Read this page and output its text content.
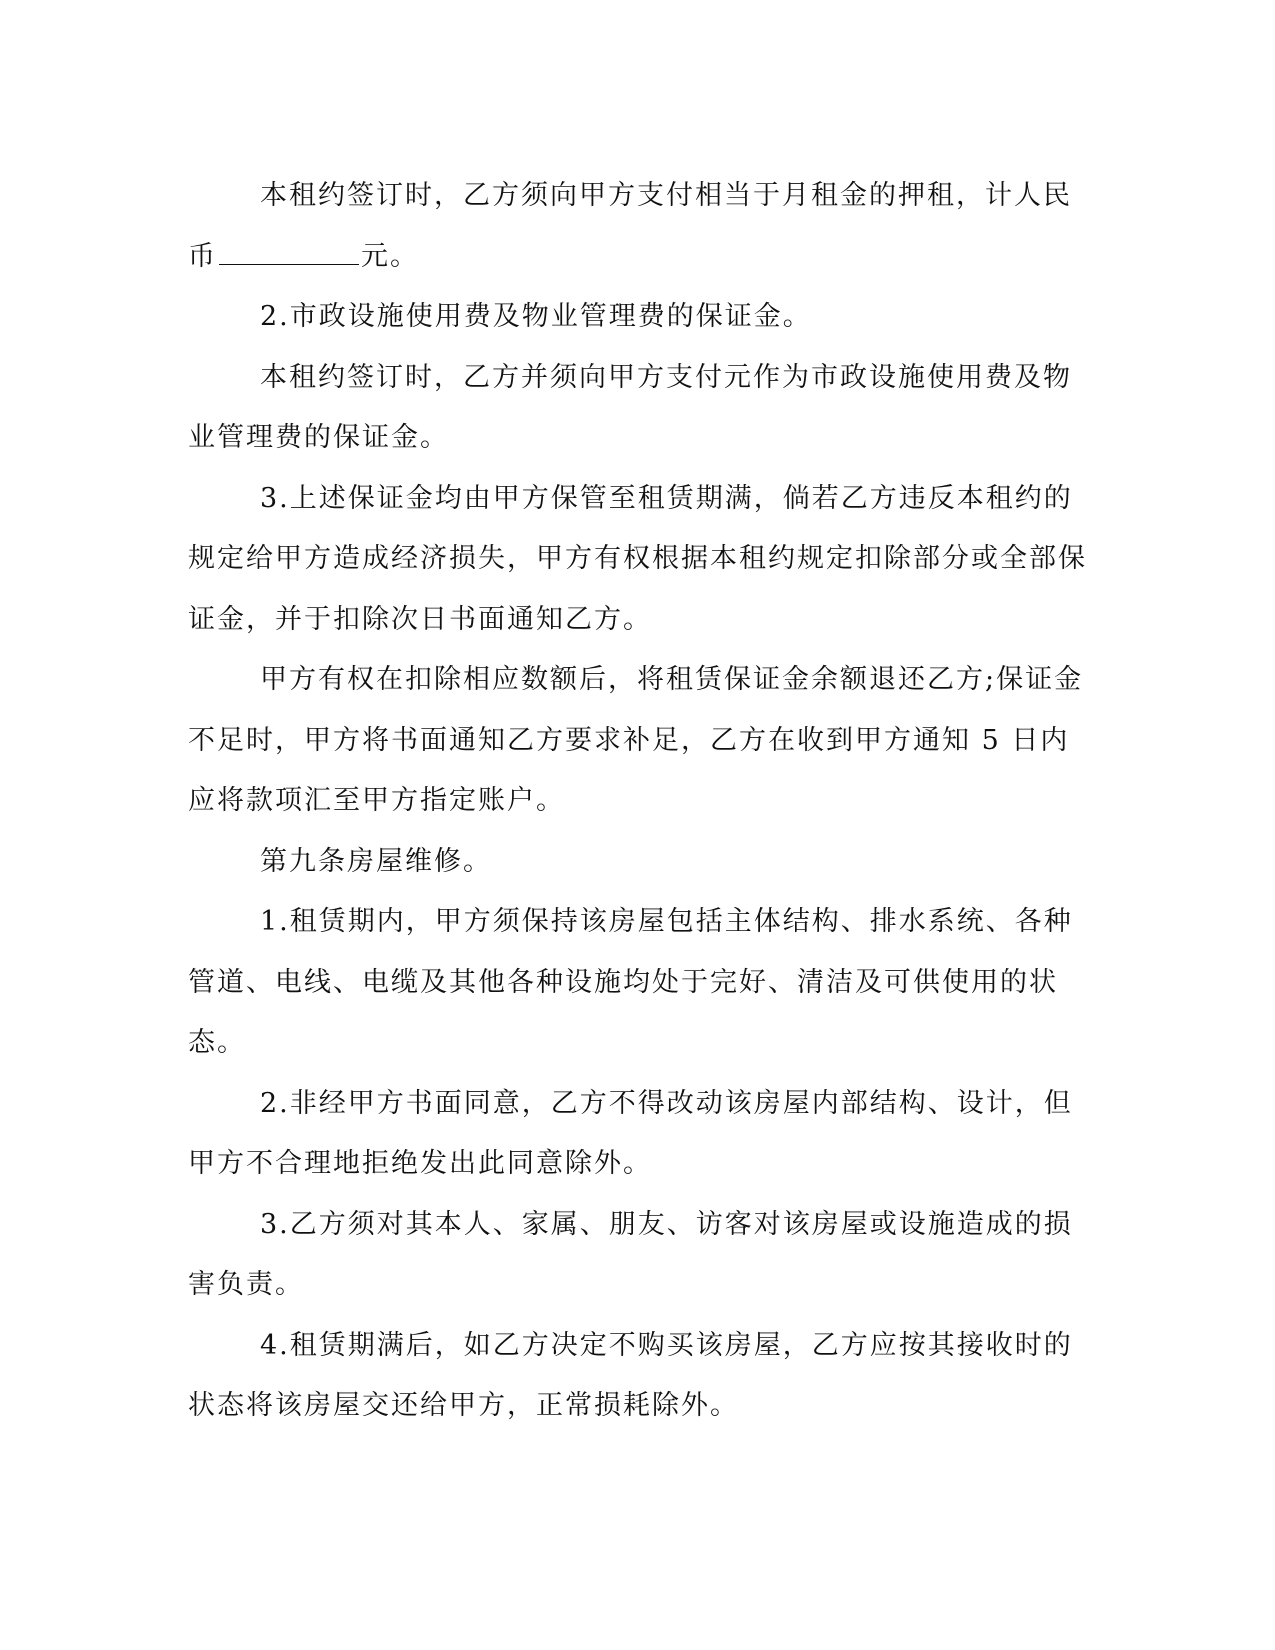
本租约签订时，乙方须向甲方支付相当于月租金的押租，计人民币	元。

2.市政设施使用费及物业管理费的保证金。

本租约签订时，乙方并须向甲方支付元作为市政设施使用费及物业管理费的保证金。

3.上述保证金均由甲方保管至租赁期满，倘若乙方违反本租约的规定给甲方造成经济损失，甲方有权根据本租约规定扣除部分或全部保证金，并于扣除次日书面通知乙方。

甲方有权在扣除相应数额后，将租赁保证金余额退还乙方;保证金不足时，甲方将书面通知乙方要求补足，乙方在收到甲方通知 5 日内应将款项汇至甲方指定账户。

第九条房屋维修。

1.租赁期内，甲方须保持该房屋包括主体结构、排水系统、各种管道、电线、电缆及其他各种设施均处于完好、清洁及可供使用的状态。

2.非经甲方书面同意，乙方不得改动该房屋内部结构、设计，但甲方不合理地拒绝发出此同意除外。

3.乙方须对其本人、家属、朋友、访客对该房屋或设施造成的损害负责。

4.租赁期满后，如乙方决定不购买该房屋，乙方应按其接收时的状态将该房屋交还给甲方，正常损耗除外。
